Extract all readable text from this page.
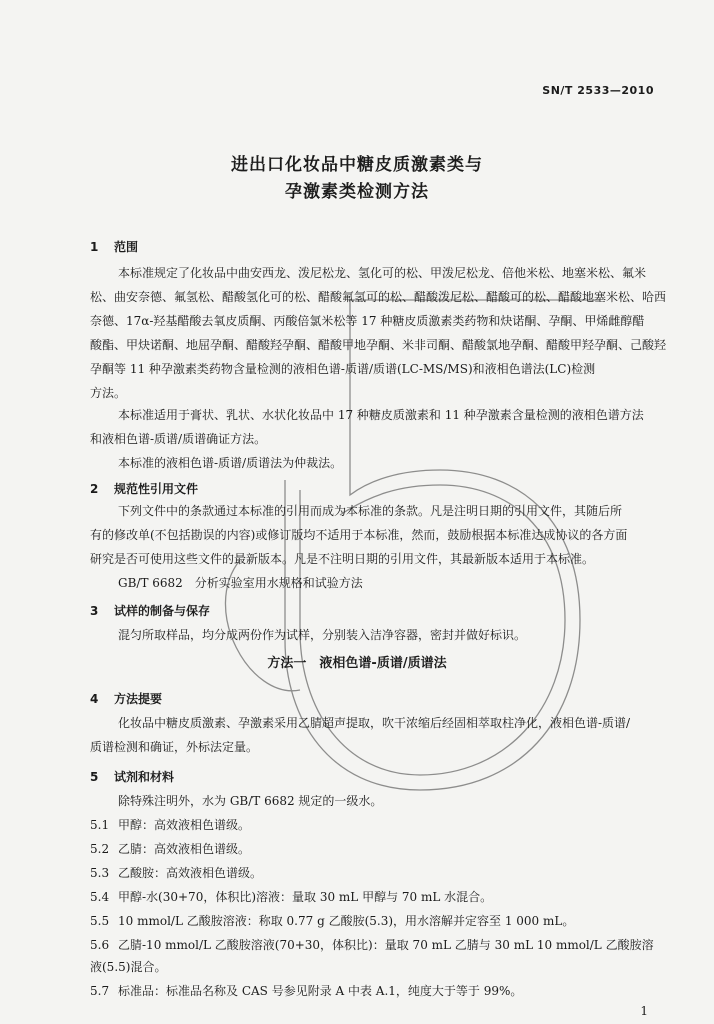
SN/T 2533—2010
进出口化妆品中糖皮质激素类与
孕激素类检测方法
1 范围
本标准规定了化妆品中曲安西龙、泼尼松龙、氢化可的松、甲泼尼松龙、倍他米松、地塞米松、氟米
松、曲安奈德、氟氢松、醋酸氢化可的松、醋酸氟氢可的松、醋酸泼尼松、醋酸可的松、醋酸地塞米松、哈西
奈德、17α-羟基醋酸去氧皮质酮、丙酸倍氯米松等 17 种糖皮质激素类药物和炔诺酮、孕酮、甲烯雌醇醋
酸酯、甲炔诺酮、地屈孕酮、醋酸羟孕酮、醋酸甲地孕酮、米非司酮、醋酸氯地孕酮、醋酸甲羟孕酮、己酸羟
孕酮等 11 种孕激素类药物含量检测的液相色谱-质谱/质谱(LC-MS/MS)和液相色谱法(LC)检测
方法。
本标准适用于膏状、乳状、水状化妆品中 17 种糖皮质激素和 11 种孕激素含量检测的液相色谱方法
和液相色谱-质谱/质谱确证方法。
本标准的液相色谱-质谱/质谱法为仲裁法。
2 规范性引用文件
下列文件中的条款通过本标准的引用而成为本标准的条款。凡是注明日期的引用文件，其随后所
有的修改单(不包括勘误的内容)或修订版均不适用于本标准，然而，鼓励根据本标准达成协议的各方面
研究是否可使用这些文件的最新版本。凡是不注明日期的引用文件，其最新版本适用于本标准。
GB/T 6682　分析实验室用水规格和试验方法
3 试样的制备与保存
混匀所取样品，均分成两份作为试样，分别装入洁净容器，密封并做好标识。
方法一　液相色谱-质谱/质谱法
4 方法提要
化妆品中糖皮质激素、孕激素采用乙腈超声提取，吹干浓缩后经固相萃取柱净化，液相色谱-质谱/
质谱检测和确证，外标法定量。
5 试剂和材料
除特殊注明外，水为 GB/T 6682 规定的一级水。
5.1 甲醇：高效液相色谱级。
5.2 乙腈：高效液相色谱级。
5.3 乙酸胺：高效液相色谱级。
5.4 甲醇-水(30+70，体积比)溶液：量取 30 mL 甲醇与 70 mL 水混合。
5.5 10 mmol/L 乙酸胺溶液：称取 0.77 g 乙酸胺(5.3)，用水溶解并定容至 1 000 mL。
5.6 乙腈-10 mmol/L 乙酸胺溶液(70+30，体积比)：量取 70 mL 乙腈与 30 mL 10 mmol/L 乙酸胺溶
液(5.5)混合。
5.7 标准品：标准品名称及 CAS 号参见附录 A 中表 A.1，纯度大于等于 99%。
1
